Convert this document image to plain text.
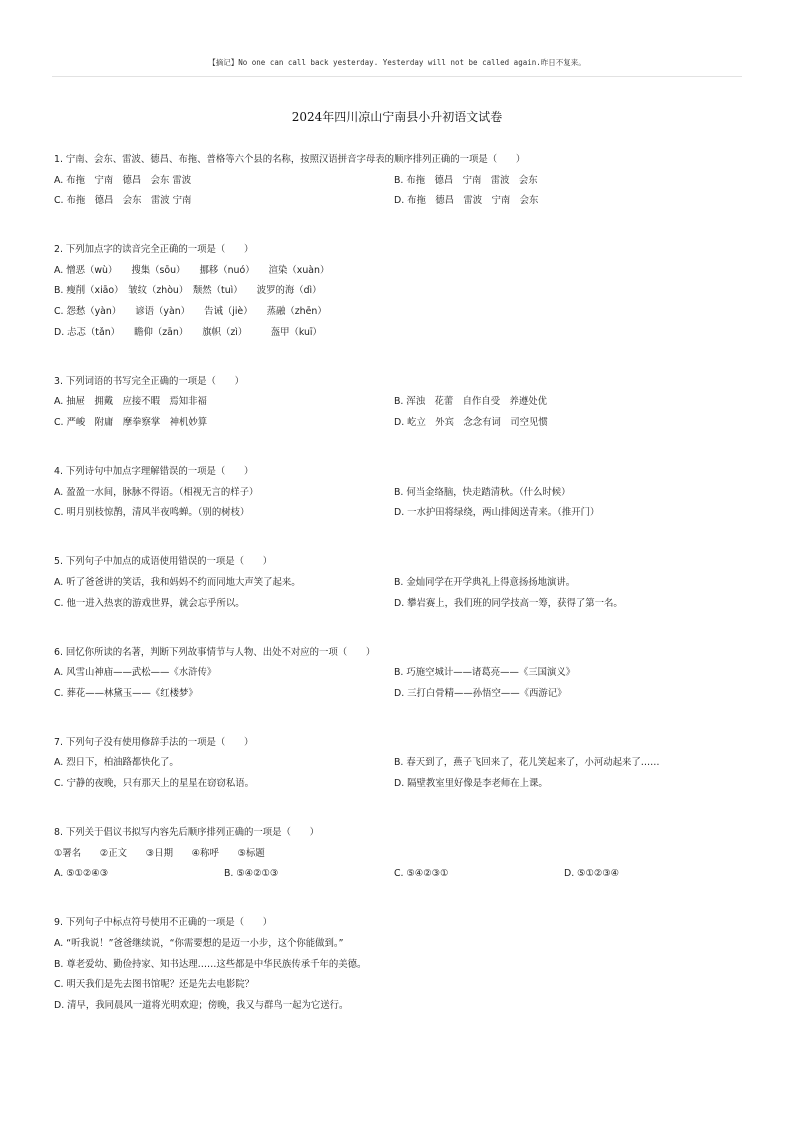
【摘记】No one can call back yesterday. Yesterday will not be called again.昨日不复来。
2024年四川凉山宁南县小升初语文试卷
1. 宁南、会东、雷波、德昌、布拖、普格等六个县的名称，按照汉语拼音字母表的顺序排列正确的一项是（　　）
A. 布拖　宁南　德昌　会东 雷波	B. 布拖　德昌　宁南　雷波　会东
C. 布拖　德昌　会东　雷波 宁南	D. 布拖　德昌　雷波　宁南　会东
2. 下列加点字的读音完全正确的一项是（　　）
A. 憎恶（wù）　　搜集（sōu）　　挪移（nuó）　　渲染（xuàn）
B. 瘦削（xiāo）　皱纹（zhòu）　颓然（tuì）　　波罗的海（dì）
C. 怨愁（yàn）　　谚语（yàn）　　告诫（jiè）　　蒸融（zhēn）
D. 忐忑（tǎn）　　瞻仰（zān）　　旗帜（zì）　　　盔甲（kuī）
3. 下列词语的书写完全正确的一项是（　　）
A. 抽屉　拥戴　应接不暇　焉知非福	B. 浑浊　花蕾　自作自受　养遵处优
C. 严峻　附庸　摩拳察掌　神机妙算	D. 屹立　外宾　念念有词　司空见惯
4. 下列诗句中加点字理解错误的一项是（　　）
A. 盈盈一水间，脉脉不得语。（相视无言的样子）	B. 何当金络脑，快走踏清秋。（什么时候）
C. 明月别枝惊鹊，清风半夜鸣蝉。（别的树枝）	D. 一水护田将绿绕，两山排闼送青来。（推开门）
5. 下列句子中加点的成语使用错误的一项是（　　）
A. 听了爸爸讲的笑话，我和妈妈不约而同地大声笑了起来。	B. 金灿同学在开学典礼上得意扬扬地演讲。
C. 他一进入热衷的游戏世界，就会忘乎所以。	D. 攀岩赛上，我们班的同学技高一筹，获得了第一名。
6. 回忆你所读的名著，判断下列故事情节与人物、出处不对应的一项（　　）
A. 风雪山神庙——武松——《水浒传》	B. 巧施空城计——诸葛亮——《三国演义》
C. 葬花——林黛玉——《红楼梦》	D. 三打白骨精——孙悟空——《西游记》
7. 下列句子没有使用修辞手法的一项是（　　）
A. 烈日下，柏油路都快化了。	B. 春天到了，燕子飞回来了，花儿笑起来了，小河动起来了……
C. 宁静的夜晚，只有那天上的星星在窃窃私语。	D. 隔壁教室里好像是李老师在上课。
8. 下列关于倡议书拟写内容先后顺序排列正确的一项是（　　）
①署名　　②正文　　③日期　　④称呼　　⑤标题
A. ⑤①②④③	B. ⑤④②①③	C. ⑤④②③①	D. ⑤①②③④
9. 下列句子中标点符号使用不正确的一项是（　　）
A. “听我说！”爸爸继续说，“你需要想的是迈一小步，这个你能做到。”
B. 尊老爱幼、勤俭持家、知书达理……这些都是中华民族传承千年的美德。
C. 明天我们是先去图书馆呢？还是先去电影院？
D. 清早，我同晨风一道将光明欢迎；傍晚，我又与群鸟一起为它送行。
